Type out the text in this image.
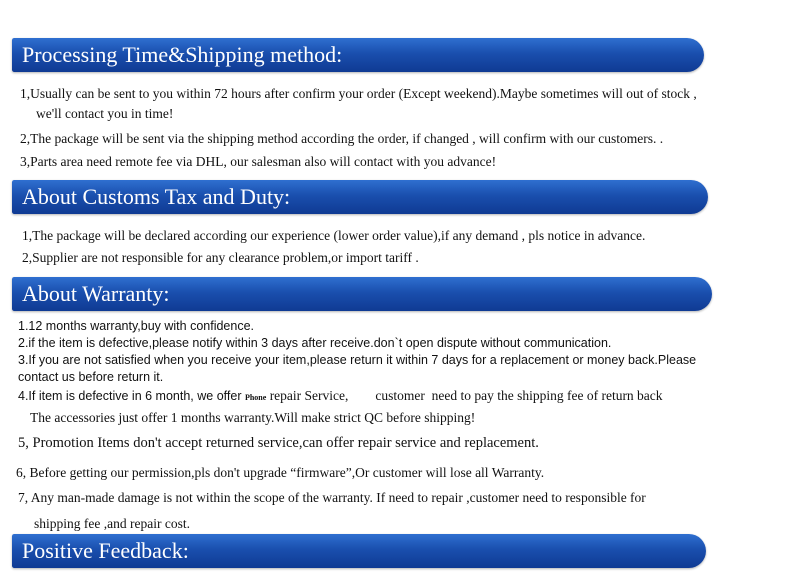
Processing Time&Shipping method:
1,Usually can be sent to you within 72 hours after confirm your order (Except weekend).Maybe sometimes will out of stock ,
we'll contact you in time!
2,The package will be sent via the shipping method according the order, if changed , will confirm with our customers. .
3,Parts area need remote fee via DHL, our salesman also will contact with you advance!
About Customs Tax and Duty:
1,The package will be declared according our experience (lower order value),if any demand , pls notice in advance.
2,Supplier are not responsible for any clearance problem,or import tariff .
About Warranty:
1.12 months warranty,buy with confidence.
2.if the item is defective,please notify within 3 days after receive.don`t open dispute without communication.
3.If you are not satisfied when you receive your item,please return it within 7 days for a replacement or money back.Please
contact us before return it.
4.If item is defective in 6 month, we offer Phone repair Service,        customer  need to pay the shipping fee of return back
The accessories just offer 1 months warranty.Will make strict QC before shipping!
5, Promotion Items don't accept returned service,can offer repair service and replacement.
6, Before getting our permission,pls don't upgrade “firmware”,Or customer will lose all Warranty.
7, Any man-made damage is not within the scope of the warranty. If need to repair ,customer need to responsible for
shipping fee ,and repair cost.
Positive Feedback:
